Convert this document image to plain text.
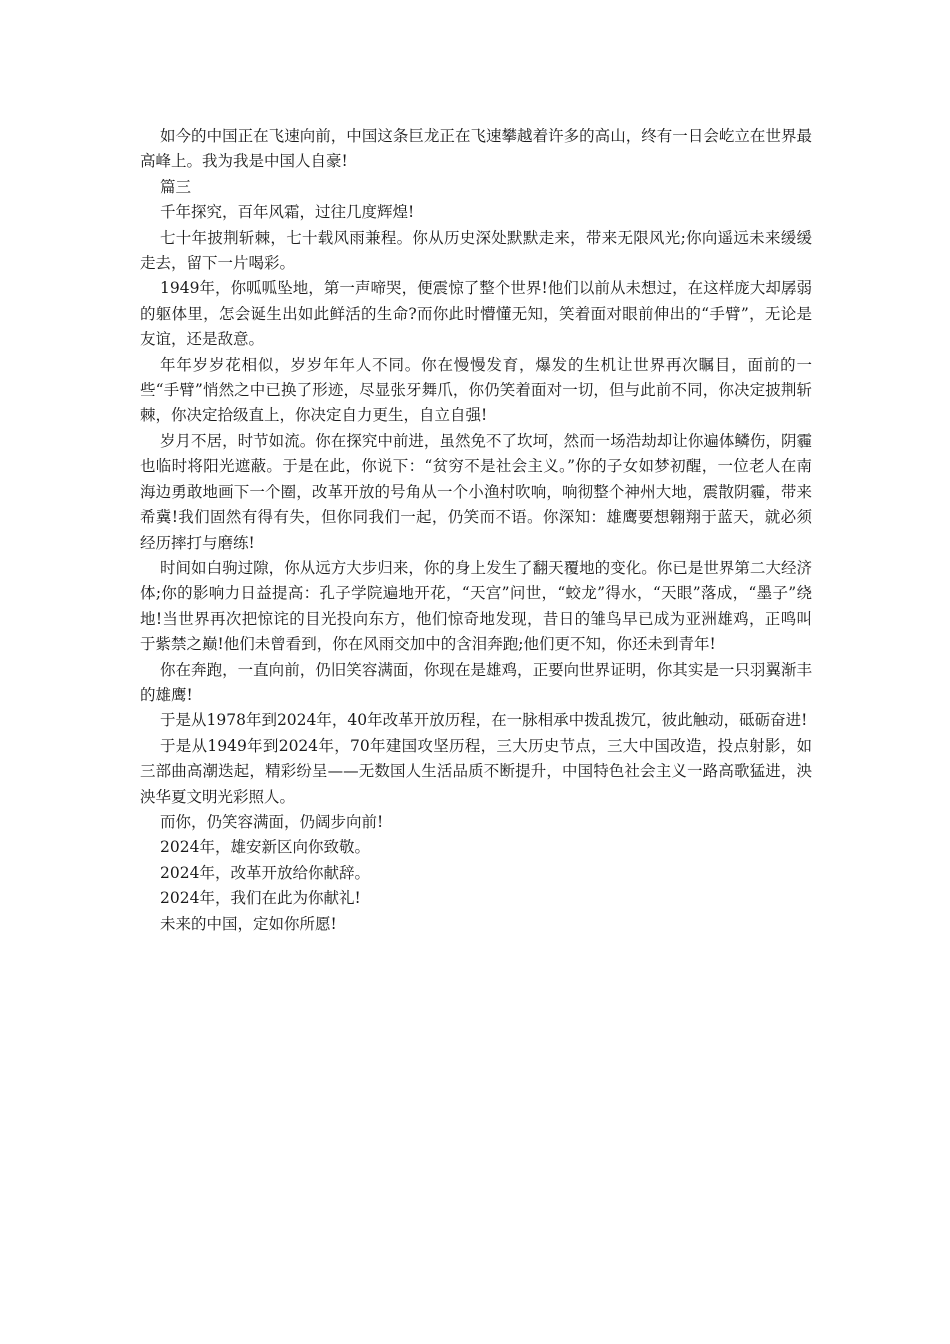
如今的中国正在飞速向前，中国这条巨龙正在飞速攀越着许多的高山，终有一日会屹立在世界最高峰上。我为我是中国人自豪!

篇三

千年探究，百年风霜，过往几度辉煌!

七十年披荆斩棘，七十载风雨兼程。你从历史深处默默走来，带来无限风光;你向遥远未来缓缓走去，留下一片喝彩。

1949年，你呱呱坠地，第一声啼哭，便震惊了整个世界!他们以前从未想过，在这样庞大却孱弱的躯体里，怎会诞生出如此鲜活的生命?而你此时懵懂无知，笑着面对眼前伸出的“手臂”，无论是友谊，还是敌意。

年年岁岁花相似，岁岁年年人不同。你在慢慢发育，爆发的生机让世界再次瞩目，面前的一些“手臂”悄然之中已换了形迹，尽显张牙舞爪，你仍笑着面对一切，但与此前不同，你决定披荆斩棘，你决定拾级直上，你决定自力更生，自立自强!

岁月不居，时节如流。你在探究中前进，虽然免不了坎坷，然而一场浩劫却让你遍体鳞伤，阴霾也临时将阳光遮蔽。于是在此，你说下：“贫穷不是社会主义。”你的子女如梦初醒，一位老人在南海边勇敢地画下一个圈，改革开放的号角从一个小渔村吹响，响彻整个神州大地，震散阴霾，带来希冀!我们固然有得有失，但你同我们一起，仍笑而不语。你深知：雄鹰要想翱翔于蓝天，就必须经历摔打与磨练!

时间如白驹过隙，你从远方大步归来，你的身上发生了翻天覆地的变化。你已是世界第二大经济体;你的影响力日益提高：孔子学院遍地开花，“天宫”问世，“蛟龙”得水，“天眼”落成，“墨子”绕地!当世界再次把惊诧的目光投向东方，他们惊奇地发现，昔日的雏鸟早已成为亚洲雄鸡，正鸣叫于紫禁之巅!他们未曾看到，你在风雨交加中的含泪奔跑;他们更不知，你还未到青年!

你在奔跑，一直向前，仍旧笑容满面，你现在是雄鸡，正要向世界证明，你其实是一只羽翼渐丰的雄鹰!

于是从1978年到2024年，40年改革开放历程，在一脉相承中拨乱拨冗，彼此触动，砥砺奋进!

于是从1949年到2024年，70年建国攻坚历程，三大历史节点，三大中国改造，投点射影，如三部曲高潮迭起，精彩纷呈——无数国人生活品质不断提升，中国特色社会主义一路高歌猛进，泱泱华夏文明光彩照人。

而你，仍笑容满面，仍阔步向前!

2024年，雄安新区向你致敬。

2024年，改革开放给你献辞。

2024年，我们在此为你献礼!

未来的中国，定如你所愿!
